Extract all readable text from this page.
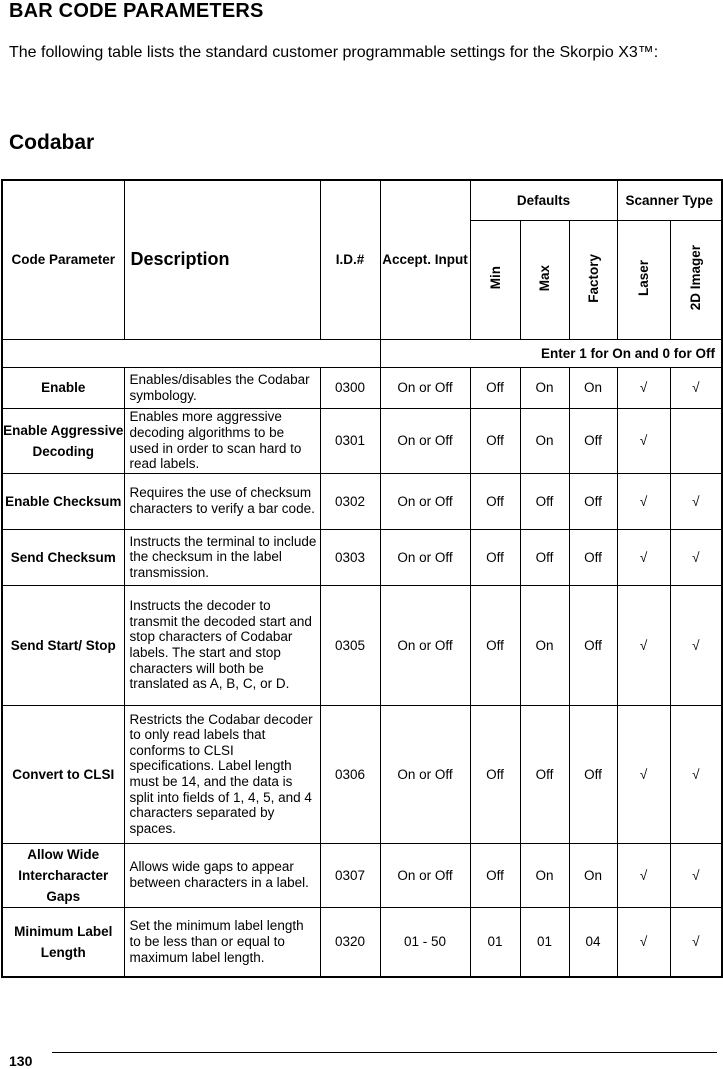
BAR CODE PARAMETERS
The following table lists the standard customer programmable settings for the Skorpio X3™:
Codabar
Code Parameter	Description	I.D.#	Accept. Input	Defaults			Scanner Type	
				Min	Max	Factory	Laser	2D Imager
			Enter 1 for On and 0 for Off					
Enable	Enables/disables the Codabar symbology.	0300	On or Off	Off	On	On	√	√
Enable Aggressive Decoding	Enables more aggressive decoding algorithms to be used in order to scan hard to read labels.	0301	On or Off	Off	On	Off	√	
Enable Checksum	Requires the use of checksum characters to verify a bar code.	0302	On or Off	Off	Off	Off	√	√
Send Checksum	Instructs the terminal to include the checksum in the label transmission.	0303	On or Off	Off	Off	Off	√	√
Send Start/ Stop	Instructs the decoder to transmit the decoded start and stop characters of Codabar labels. The start and stop characters will both be translated as A, B, C, or D.	0305	On or Off	Off	On	Off	√	√
Convert to CLSI	Restricts the Codabar decoder to only read labels that conforms to CLSI specifications. Label length must be 14, and the data is split into fields of 1, 4, 5, and 4 characters separated by spaces.	0306	On or Off	Off	Off	Off	√	√
Allow Wide Intercharacter Gaps	Allows wide gaps to appear between characters in a label.	0307	On or Off	Off	On	On	√	√
Minimum Label Length	Set the minimum label length to be less than or equal to maximum label length.	0320	01 - 50	01	01	04	√	√
130
